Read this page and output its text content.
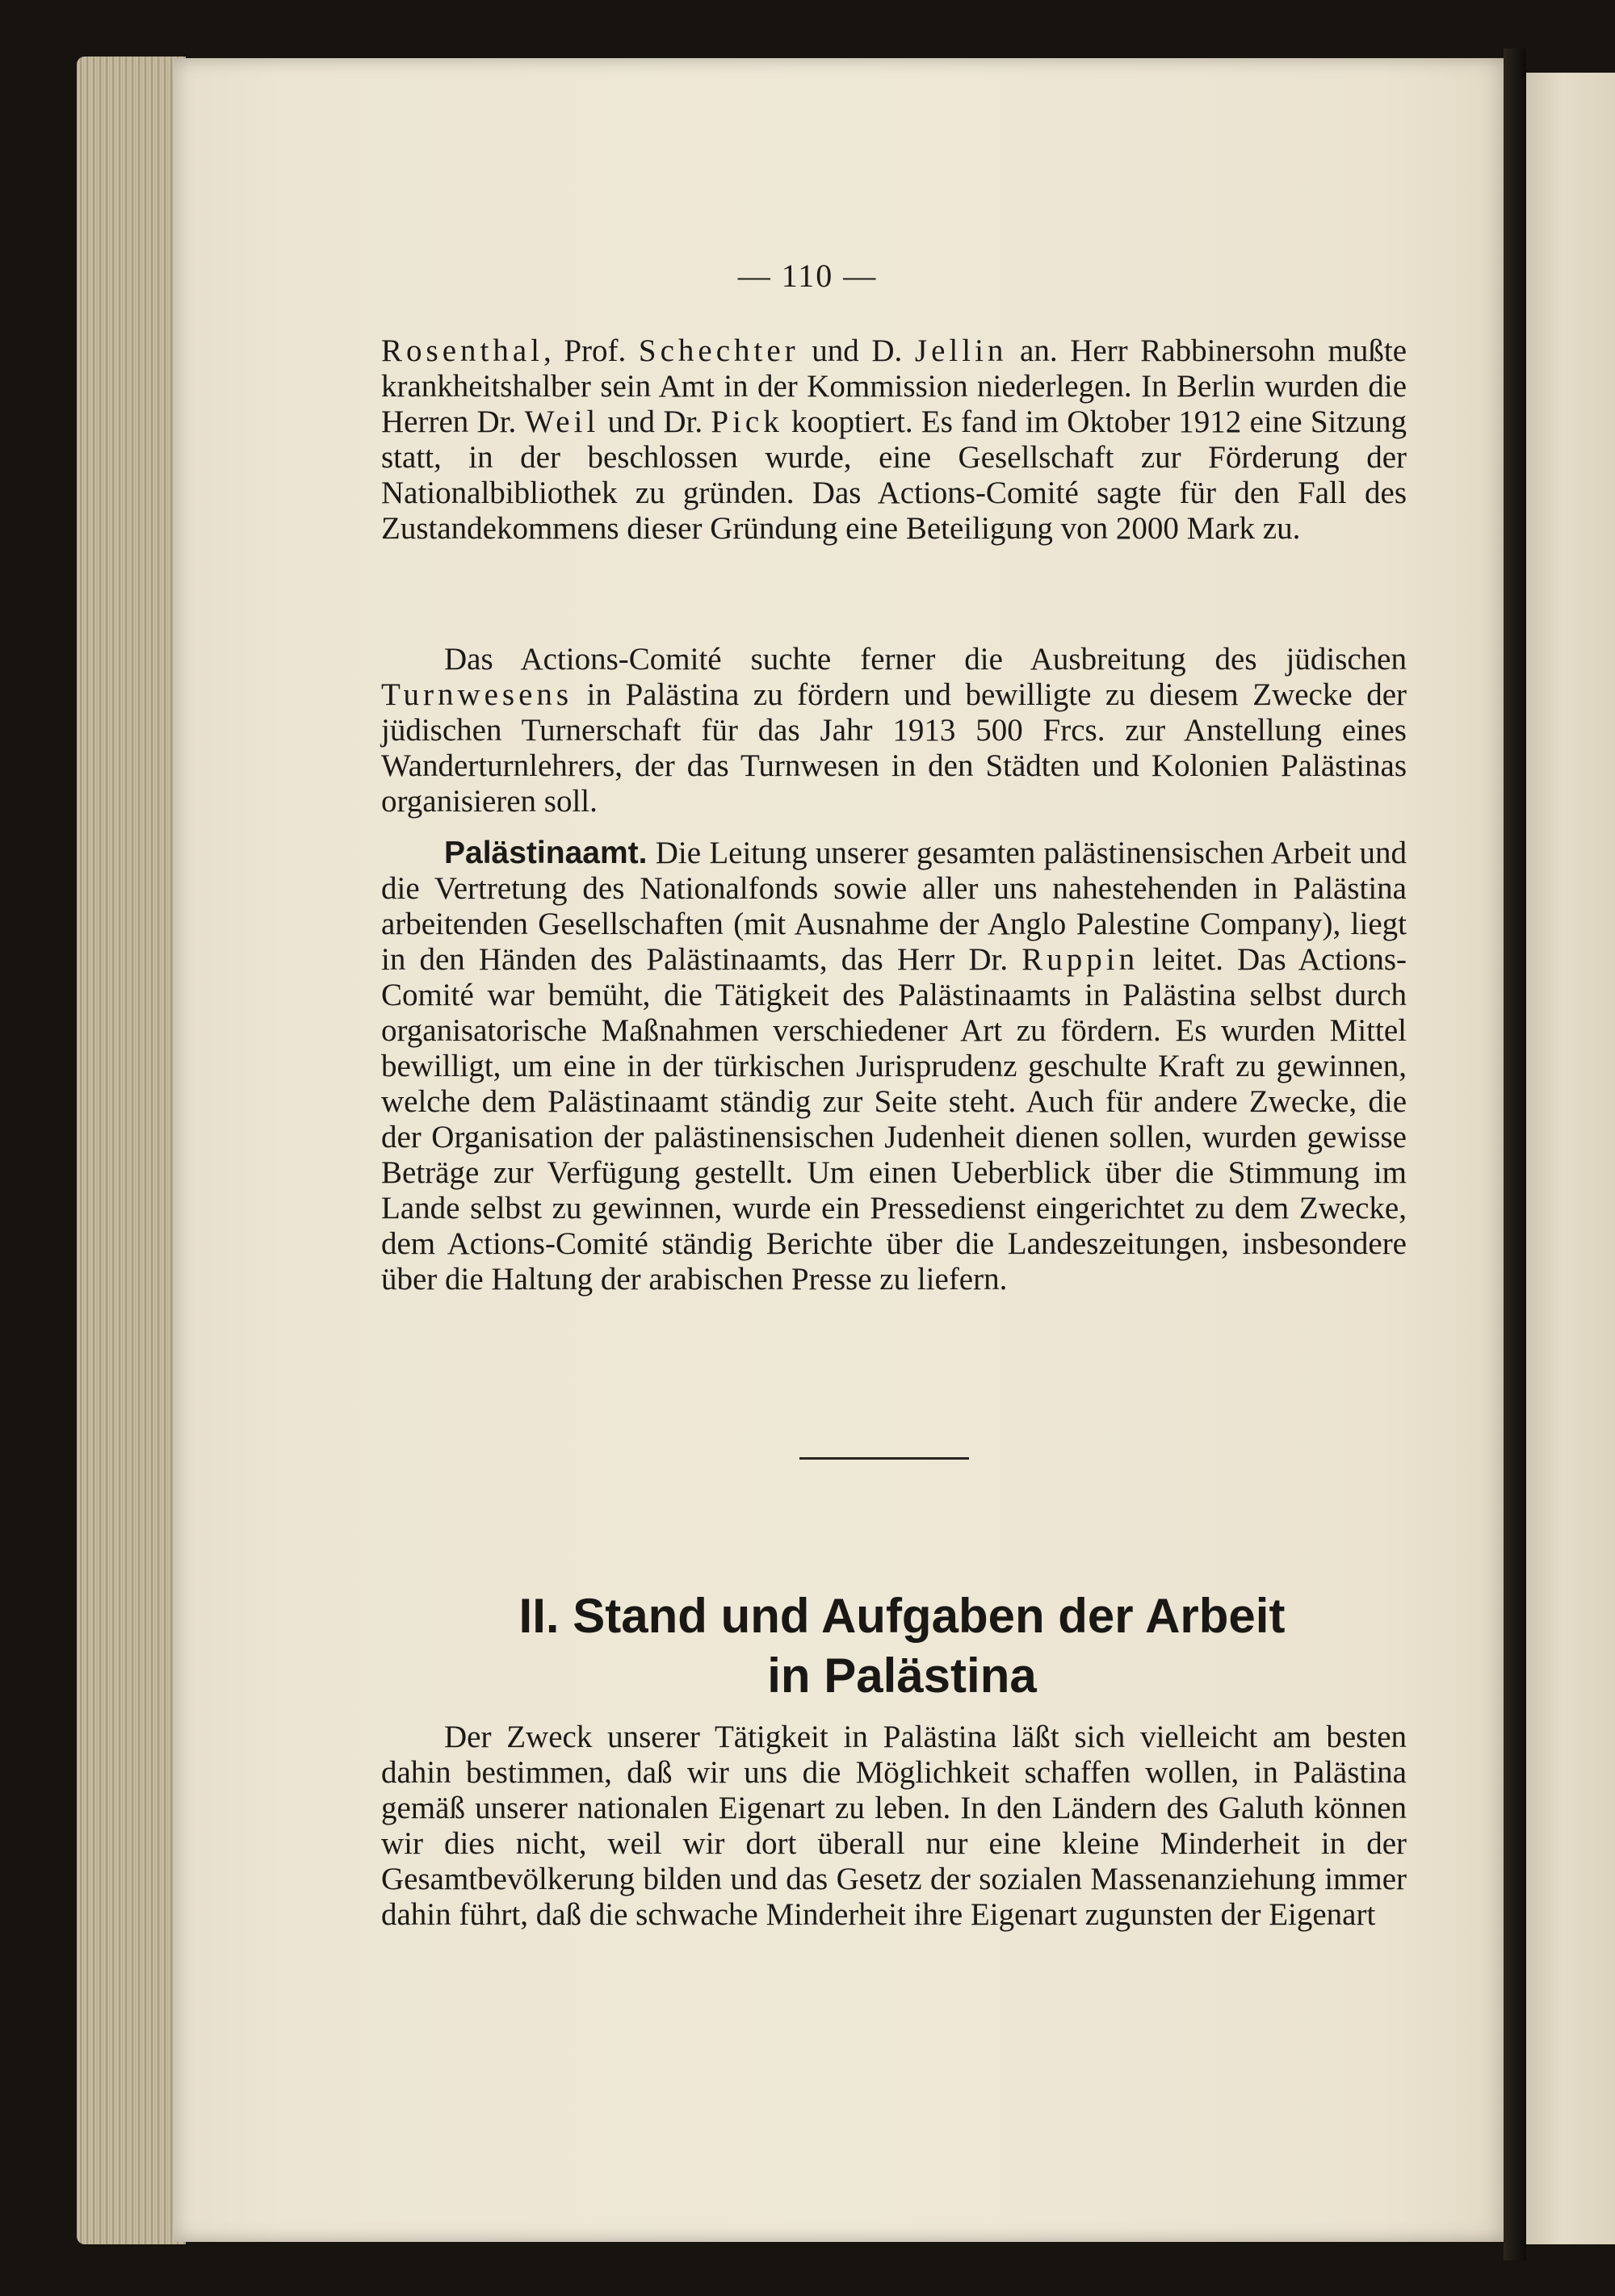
— 110 —

Rosenthal, Prof. Schechter und D. Jellin an. Herr Rabbinersohn mußte krankheitshalber sein Amt in der Kommission niederlegen. In Berlin wurden die Herren Dr. Weil und Dr. Pick kooptiert. Es fand im Oktober 1912 eine Sitzung statt, in der beschlossen wurde, eine Gesellschaft zur Förderung der Nationalbibliothek zu gründen. Das Actions-Comité sagte für den Fall des Zustandekommens dieser Gründung eine Beteiligung von 2000 Mark zu.

Das Actions-Comité suchte ferner die Ausbreitung des jüdischen Turnwesens in Palästina zu fördern und bewilligte zu diesem Zwecke der jüdischen Turnerschaft für das Jahr 1913 500 Frcs. zur Anstellung eines Wanderturnlehrers, der das Turnwesen in den Städten und Kolonien Palästinas organisieren soll.

Palästinaamt. Die Leitung unserer gesamten palästinensischen Arbeit und die Vertretung des Nationalfonds sowie aller uns nahestehenden in Palästina arbeitenden Gesellschaften (mit Ausnahme der Anglo Palestine Company), liegt in den Händen des Palästinaamts, das Herr Dr. Ruppin leitet. Das Actions-Comité war bemüht, die Tätigkeit des Palästinaamts in Palästina selbst durch organisatorische Maßnahmen verschiedener Art zu fördern. Es wurden Mittel bewilligt, um eine in der türkischen Jurisprudenz geschulte Kraft zu gewinnen, welche dem Palästinaamt ständig zur Seite steht. Auch für andere Zwecke, die der Organisation der palästinensischen Judenheit dienen sollen, wurden gewisse Beträge zur Verfügung gestellt. Um einen Ueberblick über die Stimmung im Lande selbst zu gewinnen, wurde ein Pressedienst eingerichtet zu dem Zwecke, dem Actions-Comité ständig Berichte über die Landeszeitungen, insbesondere über die Haltung der arabischen Presse zu liefern.

II. Stand und Aufgaben der Arbeit
in Palästina

Der Zweck unserer Tätigkeit in Palästina läßt sich vielleicht am besten dahin bestimmen, daß wir uns die Möglichkeit schaffen wollen, in Palästina gemäß unserer nationalen Eigenart zu leben. In den Ländern des Galuth können wir dies nicht, weil wir dort überall nur eine kleine Minderheit in der Gesamtbevölkerung bilden und das Gesetz der sozialen Massenanziehung immer dahin führt, daß die schwache Minderheit ihre Eigenart zugunsten der Eigenart
